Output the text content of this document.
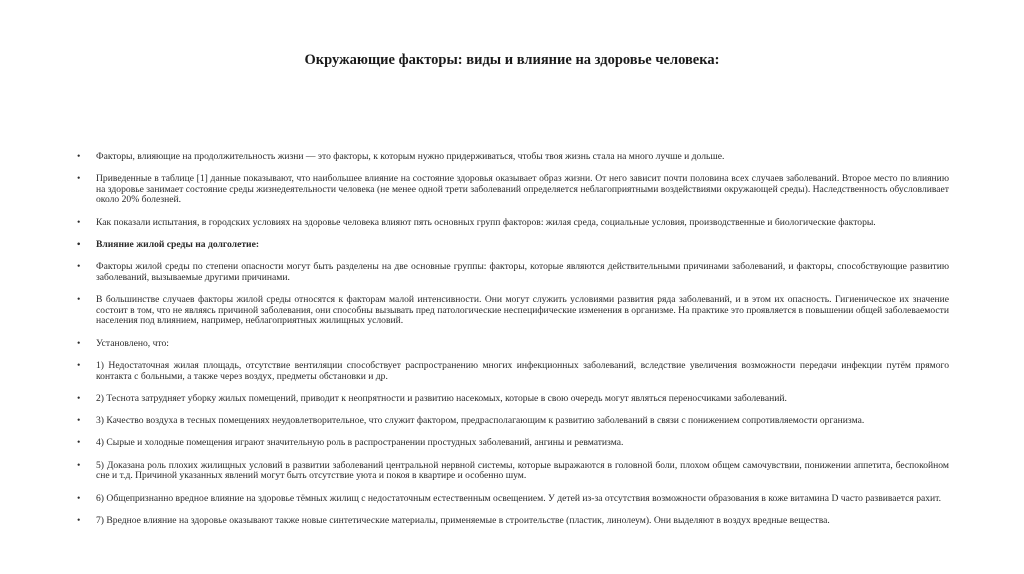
Окружающие факторы: виды и влияние на здоровье человека:
• Факторы, влияющие на продолжительность жизни — это факторы, к которым нужно придерживаться, чтобы твоя жизнь стала на много лучше и дольше.
• Приведенные в таблице [1] данные показывают, что наибольшее влияние на состояние здоровья оказывает образ жизни. От него зависит почти половина всех случаев заболеваний. Второе место по влиянию на здоровье занимает состояние среды жизнедеятельности человека (не менее одной трети заболеваний определяется неблагоприятными воздействиями окружающей среды). Наследственность обусловливает около 20% болезней.
• Как показали испытания, в городских условиях на здоровье человека влияют пять основных групп факторов: жилая среда, социальные условия, производственные и биологические факторы.
• Влияние жилой среды на долголетие:
• Факторы жилой среды по степени опасности могут быть разделены на две основные группы: факторы, которые являются действительными причинами заболеваний, и факторы, способствующие развитию заболеваний, вызываемые другими причинами.
• В большинстве случаев факторы жилой среды относятся к факторам малой интенсивности. Они могут служить условиями развития ряда заболеваний, и в этом их опасность. Гигиеническое их значение состоит в том, что не являясь причиной заболевания, они способны вызывать пред патологические неспецифические изменения в организме. На практике это проявляется в повышении общей заболеваемости населения под влиянием, например, неблагоприятных жилищных условий.
• Установлено, что:
• 1) Недостаточная жилая площадь, отсутствие вентиляции способствует распространению многих инфекционных заболеваний, вследствие увеличения возможности передачи инфекции путём прямого контакта с больными, а также через воздух, предметы обстановки и др.
• 2) Теснота затрудняет уборку жилых помещений, приводит к неопрятности и развитию насекомых, которые в свою очередь могут являться переносчиками заболеваний.
• 3) Качество воздуха в тесных помещениях неудовлетворительное, что служит фактором, предрасполагающим к развитию заболеваний в связи с понижением сопротивляемости организма.
• 4) Сырые и холодные помещения играют значительную роль в распространении простудных заболеваний, ангины и ревматизма.
• 5) Доказана роль плохих жилищных условий в развитии заболеваний центральной нервной системы, которые выражаются в головной боли, плохом общем самочувствии, понижении аппетита, беспокойном сне и т.д. Причиной указанных явлений могут быть отсутствие уюта и покоя в квартире и особенно шум.
• 6) Общепризнанно вредное влияние на здоровье тёмных жилищ с недостаточным естественным освещением. У детей из-за отсутствия возможности образования в коже витамина D часто развивается рахит.
• 7) Вредное влияние на здоровье оказывают также новые синтетические материалы, применяемые в строительстве (пластик, линолеум). Они выделяют в воздух вредные вещества.
